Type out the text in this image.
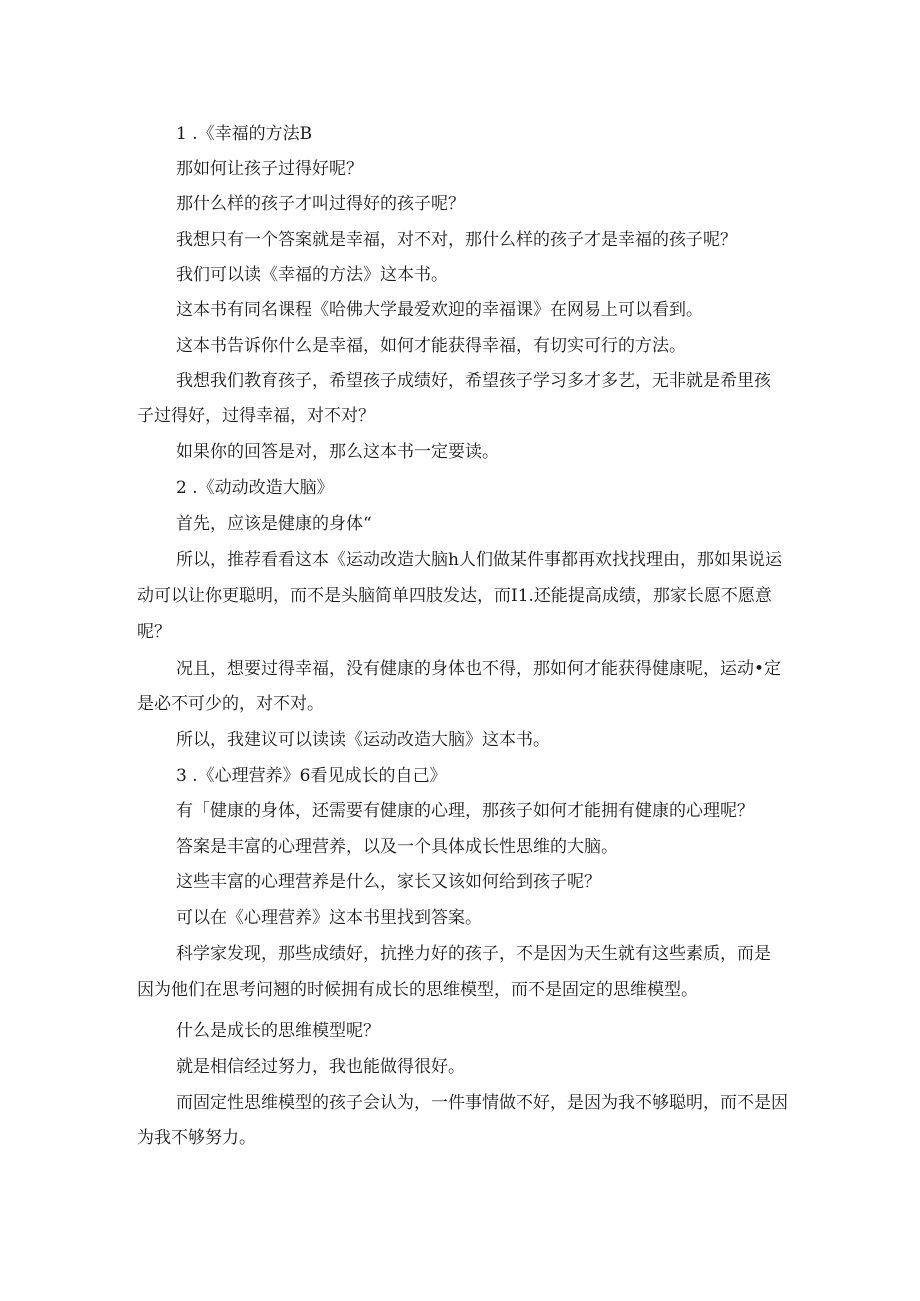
1 .《幸福的方法B
那如何让孩子过得好呢？
那什么样的孩子才叫过得好的孩子呢？
我想只有一个答案就是幸福，对不对，那什么样的孩子才是幸福的孩子呢？
我们可以读《幸福的方法》这本书。
这本书有同名课程《哈佛大学最爱欢迎的幸福课》在网易上可以看到。
这本书告诉你什么是幸福，如何才能获得幸福，有切实可行的方法。
我想我们教育孩子，希望孩子成绩好，希望孩子学习多才多艺，无非就是希里孩
子过得好，过得幸福，对不对？
如果你的回答是对，那么这本书一定要读。
2 .《动动改造大脑》
首先，应该是健康的身体“
所以，推荐看看这本《运动改造大脑h人们做某件事都再欢找找理由，那如果说运
动可以让你更聪明，而不是头脑简单四肢发达，而I1.还能提高成绩，那家长愿不愿意
呢？
况且，想要过得幸福，没有健康的身体也不得，那如何才能获得健康呢，运动•定
是必不可少的，对不对。
所以，我建议可以读读《运动改造大脑》这本书。
3 .《心理营养》6看见成长的自己》
有「健康的身体，还需要有健康的心理，那孩子如何才能拥有健康的心理呢？
答案是丰富的心理营养，以及一个具体成长性思维的大脑。
这些丰富的心理营养是什么，家长又该如何给到孩子呢？
可以在《心理营养》这本书里找到答案。
科学家发现，那些成绩好，抗挫力好的孩子，不是因为天生就有这些素质，而是
因为他们在思考问翘的时候拥有成长的思维模型，而不是固定的思维模型。
什么是成长的思维模型呢？
就是相信经过努力，我也能做得很好。
而固定性思维模型的孩子会认为，一件事情做不好，是因为我不够聪明，而不是因
为我不够努力。
